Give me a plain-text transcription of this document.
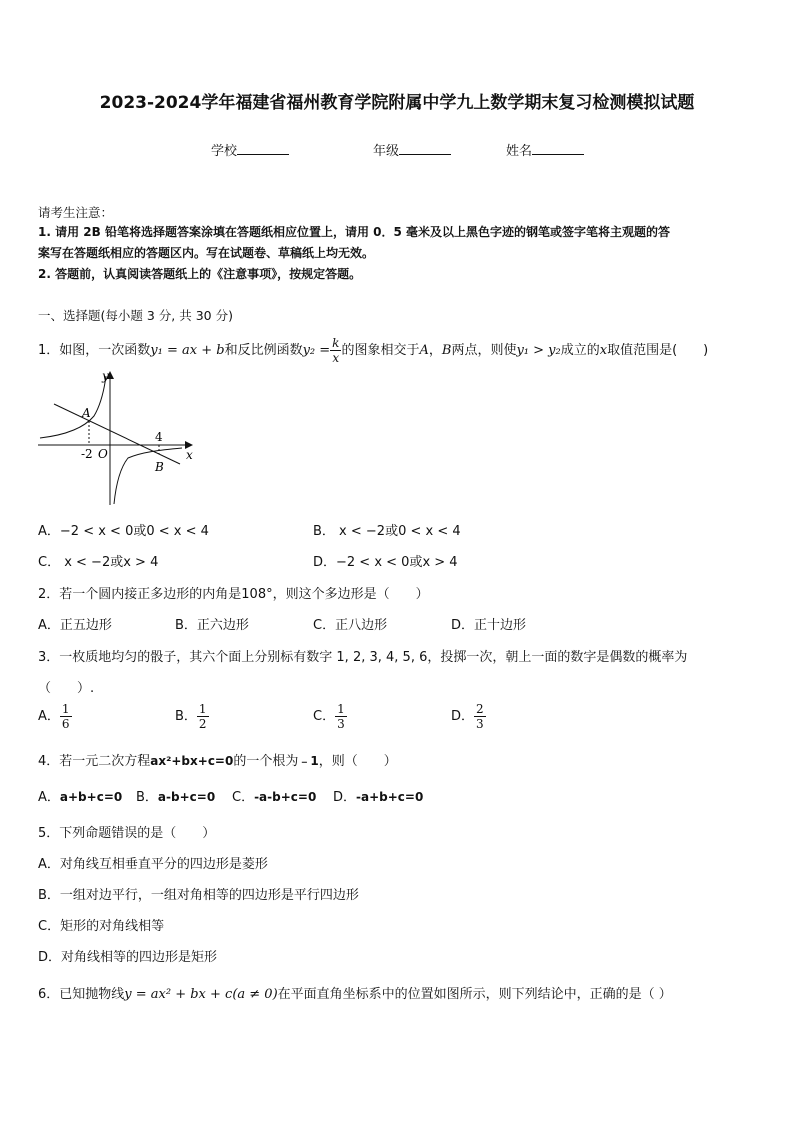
2023-2024学年福建省福州教育学院附属中学九上数学期末复习检测模拟试题
学校	年级	姓名
请考生注意：
1. 请用 2B 铅笔将选择题答案涂填在答题纸相应位置上，请用 0．5 毫米及以上黑色字迹的钢笔或签字笔将主观题的答
案写在答题纸相应的答题区内。写在试题卷、草稿纸上均无效。
2. 答题前，认真阅读答题纸上的《注意事项》，按规定答题。
一、选择题(每小题 3 分, 共 30 分)
1．如图，一次函数y₁ = ax + b和反比例函数$y_2 = \frac{k}{x}$ 的图象相交于A，B两点，则使y₁ > y₂成立的x取值范围是(　　)
y
x
O
A
B
-2
4
A．−2 < x < 0或0 < x < 4	B． x < −2或0 < x < 4
C． x < −2或x > 4	D．−2 < x < 0或x > 4
2．若一个圆内接正多边形的内角是108°，则这个多边形是（　　）
A．正五边形	B．正六边形	C．正八边形	D．正十边形
3．一枚质地均匀的骰子，其六个面上分别标有数字 1, 2, 3, 4, 5, 6，投掷一次，朝上一面的数字是偶数的概率为
（　　）.
A． $\frac{1}{6}$	B． $\frac{1}{2}$	C． $\frac{1}{3}$	D． $\frac{2}{3}$
4．若一元二次方程ax²+bx+c=0的一个根为﹣1，则（　　）
A．a+b+c=0 B．a-b+c=0 C．-a-b+c=0 D．-a+b+c=0
5．下列命题错误的是（　　）
A．对角线互相垂直平分的四边形是菱形
B．一组对边平行，一组对角相等的四边形是平行四边形
C．矩形的对角线相等
D．对角线相等的四边形是矩形
6．已知抛物线y = ax² + bx + c(a ≠ 0)在平面直角坐标系中的位置如图所示，则下列结论中，正确的是（ ）
